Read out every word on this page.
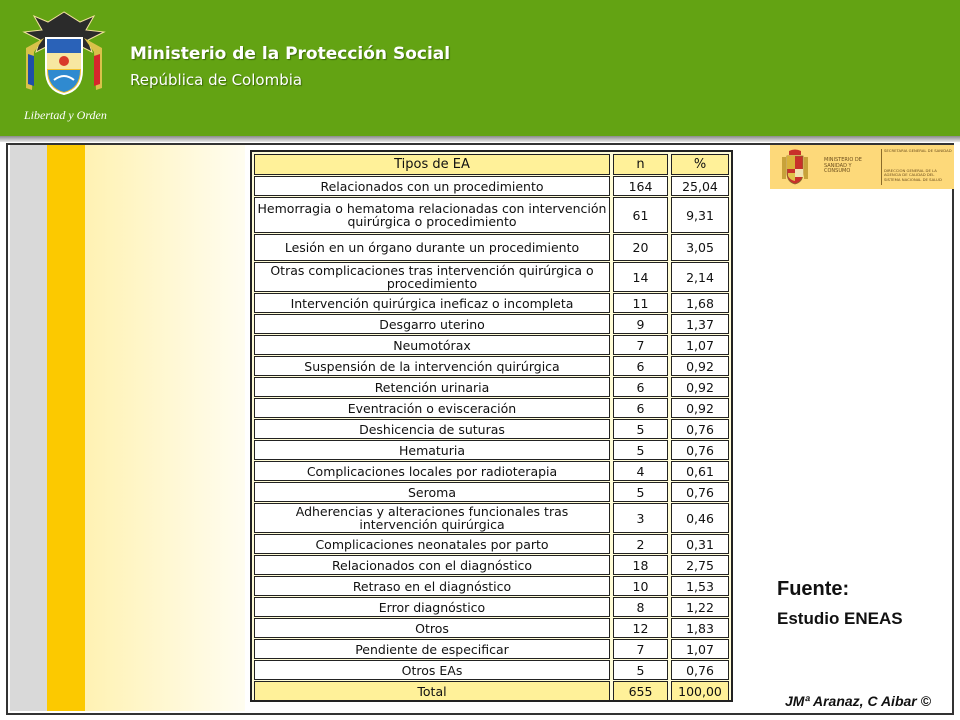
Libertad y Orden
Ministerio de la Protección Social
República de Colombia
Tipos de EA	n	%
Relacionados con un procedimiento	164	25,04
Hemorragia o hematoma relacionadas con intervención quirúrgica o procedimiento	61	9,31
Lesión en un órgano durante un procedimiento	20	3,05
Otras complicaciones tras intervención quirúrgica o procedimiento	14	2,14
Intervención quirúrgica ineficaz o incompleta	11	1,68
Desgarro uterino	9	1,37
Neumotórax	7	1,07
Suspensión de la intervención quirúrgica	6	0,92
Retención urinaria	6	0,92
Eventración o evisceración	6	0,92
Deshicencia de suturas	5	0,76
Hematuria	5	0,76
Complicaciones locales por radioterapia	4	0,61
Seroma	5	0,76
Adherencias y alteraciones funcionales tras intervención quirúrgica	3	0,46
Complicaciones neonatales por parto	2	0,31
Relacionados con el diagnóstico	18	2,75
Retraso en el diagnóstico	10	1,53
Error diagnóstico	8	1,22
Otros	12	1,83
Pendiente de especificar	7	1,07
Otros EAs	5	0,76
Total	655	100,00
MINISTERIO DE SANIDAD Y CONSUMO
SECRETARIA GENERAL DE SANIDAD
DIRECCION GENERAL DE LA AGENCIA DE CALIDAD DEL SISTEMA NACIONAL DE SALUD
Fuente:
Estudio ENEAS
JMª Aranaz, C Aibar ©
